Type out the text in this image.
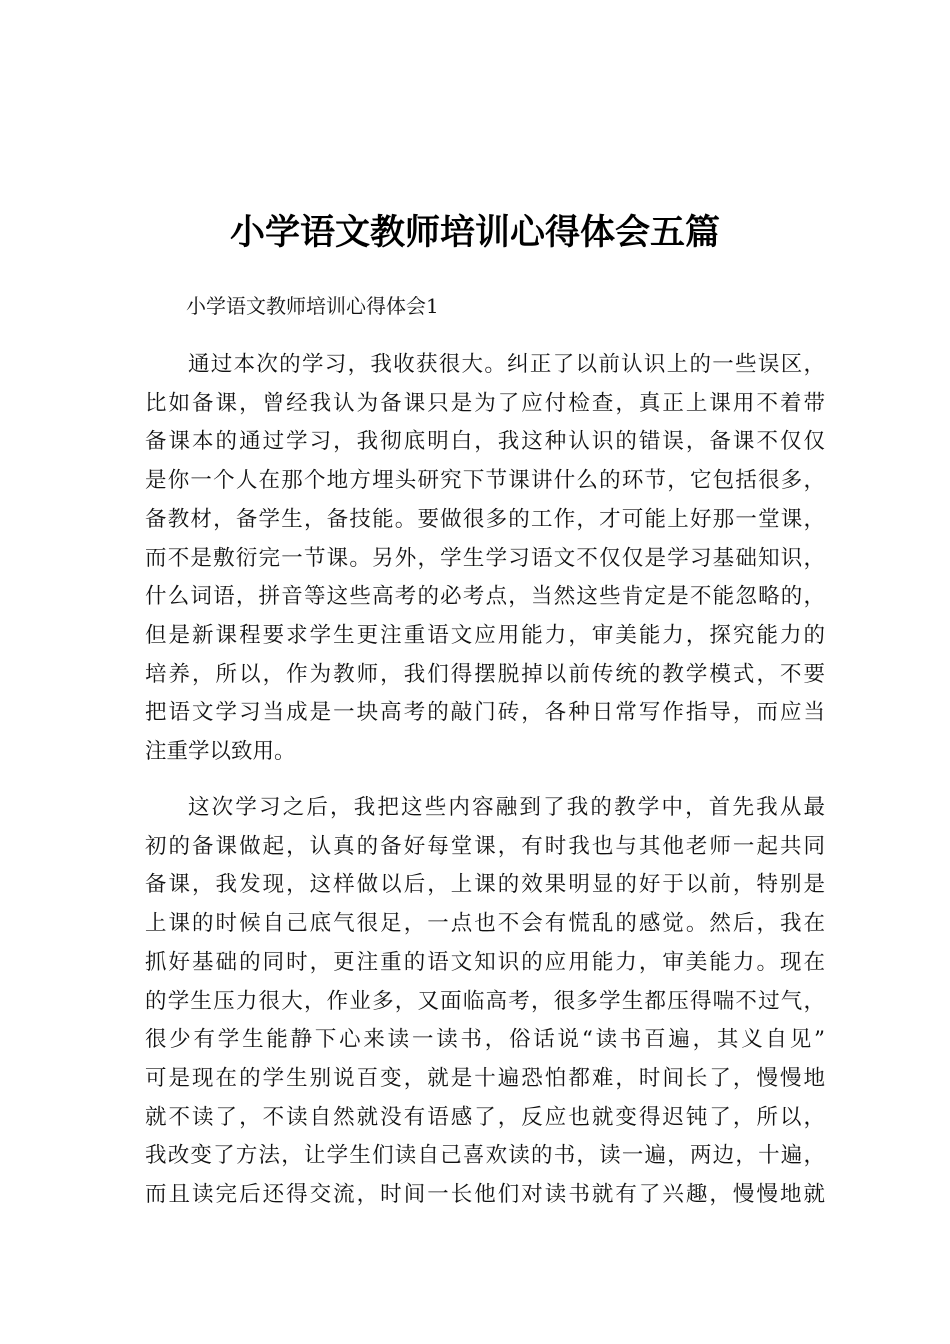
小学语文教师培训心得体会五篇

小学语文教师培训心得体会1

通过本次的学习，我收获很大。纠正了以前认识上的一些误区，
比如备课，曾经我认为备课只是为了应付检查，真正上课用不着带
备课本的通过学习，我彻底明白，我这种认识的错误，备课不仅仅
是你一个人在那个地方埋头研究下节课讲什么的环节，它包括很多，
备教材，备学生，备技能。要做很多的工作，才可能上好那一堂课，
而不是敷衍完一节课。另外，学生学习语文不仅仅是学习基础知识，
什么词语，拼音等这些高考的必考点，当然这些肯定是不能忽略的，
但是新课程要求学生更注重语文应用能力，审美能力，探究能力的
培养，所以，作为教师，我们得摆脱掉以前传统的教学模式，不要
把语文学习当成是一块高考的敲门砖，各种日常写作指导，而应当
注重学以致用。

这次学习之后，我把这些内容融到了我的教学中，首先我从最
初的备课做起，认真的备好每堂课，有时我也与其他老师一起共同
备课，我发现，这样做以后，上课的效果明显的好于以前，特别是
上课的时候自己底气很足，一点也不会有慌乱的感觉。然后，我在
抓好基础的同时，更注重的语文知识的应用能力，审美能力。现在
的学生压力很大，作业多，又面临高考，很多学生都压得喘不过气，
很少有学生能静下心来读一读书，俗话说“读书百遍，其义自见”
可是现在的学生别说百变，就是十遍恐怕都难，时间长了，慢慢地
就不读了，不读自然就没有语感了，反应也就变得迟钝了，所以，
我改变了方法，让学生们读自己喜欢读的书，读一遍，两边，十遍，
而且读完后还得交流，时间一长他们对读书就有了兴趣，慢慢地就
